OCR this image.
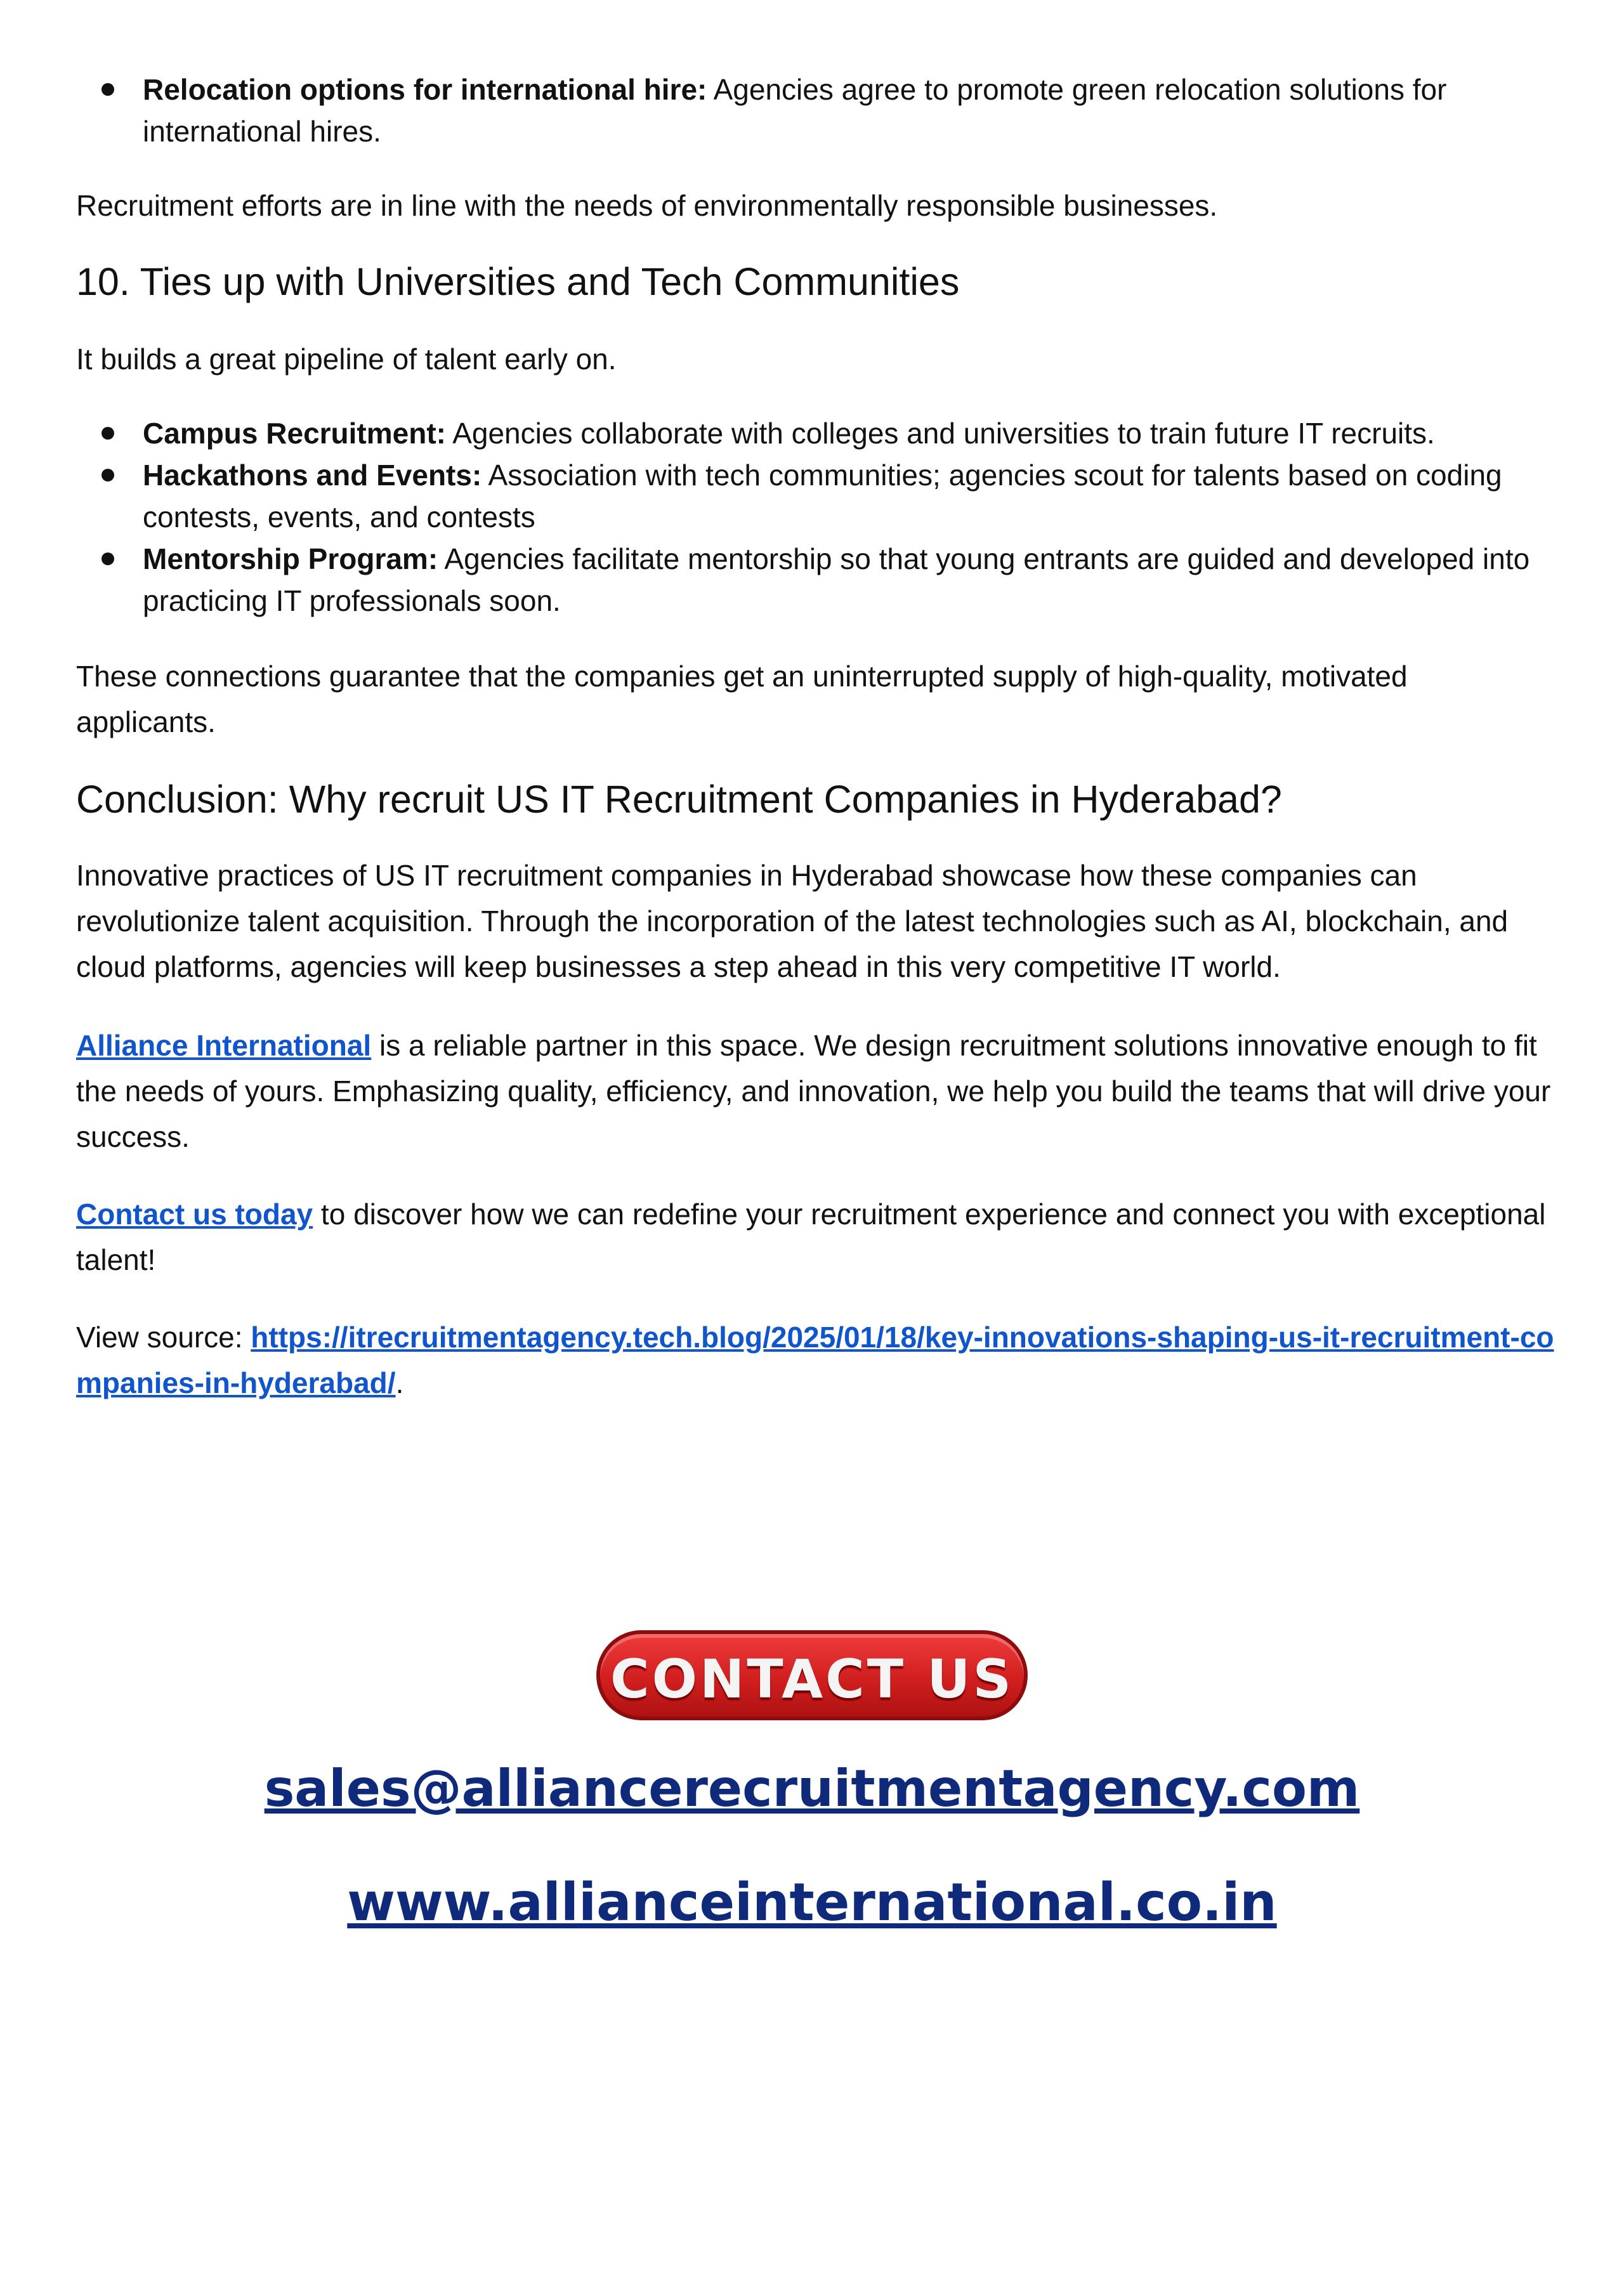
Relocation options for international hire: Agencies agree to promote green relocation solutions for international hires.

Recruitment efforts are in line with the needs of environmentally responsible businesses.

10. Ties up with Universities and Tech Communities

It builds a great pipeline of talent early on.

Campus Recruitment: Agencies collaborate with colleges and universities to train future IT recruits.
Hackathons and Events: Association with tech communities; agencies scout for talents based on coding contests, events, and contests
Mentorship Program: Agencies facilitate mentorship so that young entrants are guided and developed into practicing IT professionals soon.

These connections guarantee that the companies get an uninterrupted supply of high-quality, motivated applicants.

Conclusion: Why recruit US IT Recruitment Companies in Hyderabad?

Innovative practices of US IT recruitment companies in Hyderabad showcase how these companies can revolutionize talent acquisition. Through the incorporation of the latest technologies such as AI, blockchain, and cloud platforms, agencies will keep businesses a step ahead in this very competitive IT world.

Alliance International is a reliable partner in this space. We design recruitment solutions innovative enough to fit the needs of yours. Emphasizing quality, efficiency, and innovation, we help you build the teams that will drive your success.

Contact us today to discover how we can redefine your recruitment experience and connect you with exceptional talent!

View source: https://itrecruitmentagency.tech.blog/2025/01/18/key-innovations-shaping-us-it-recruitment-companies-in-hyderabad/.

CONTACT US
sales@alliancerecruitmentagency.com
www.allianceinternational.co.in
